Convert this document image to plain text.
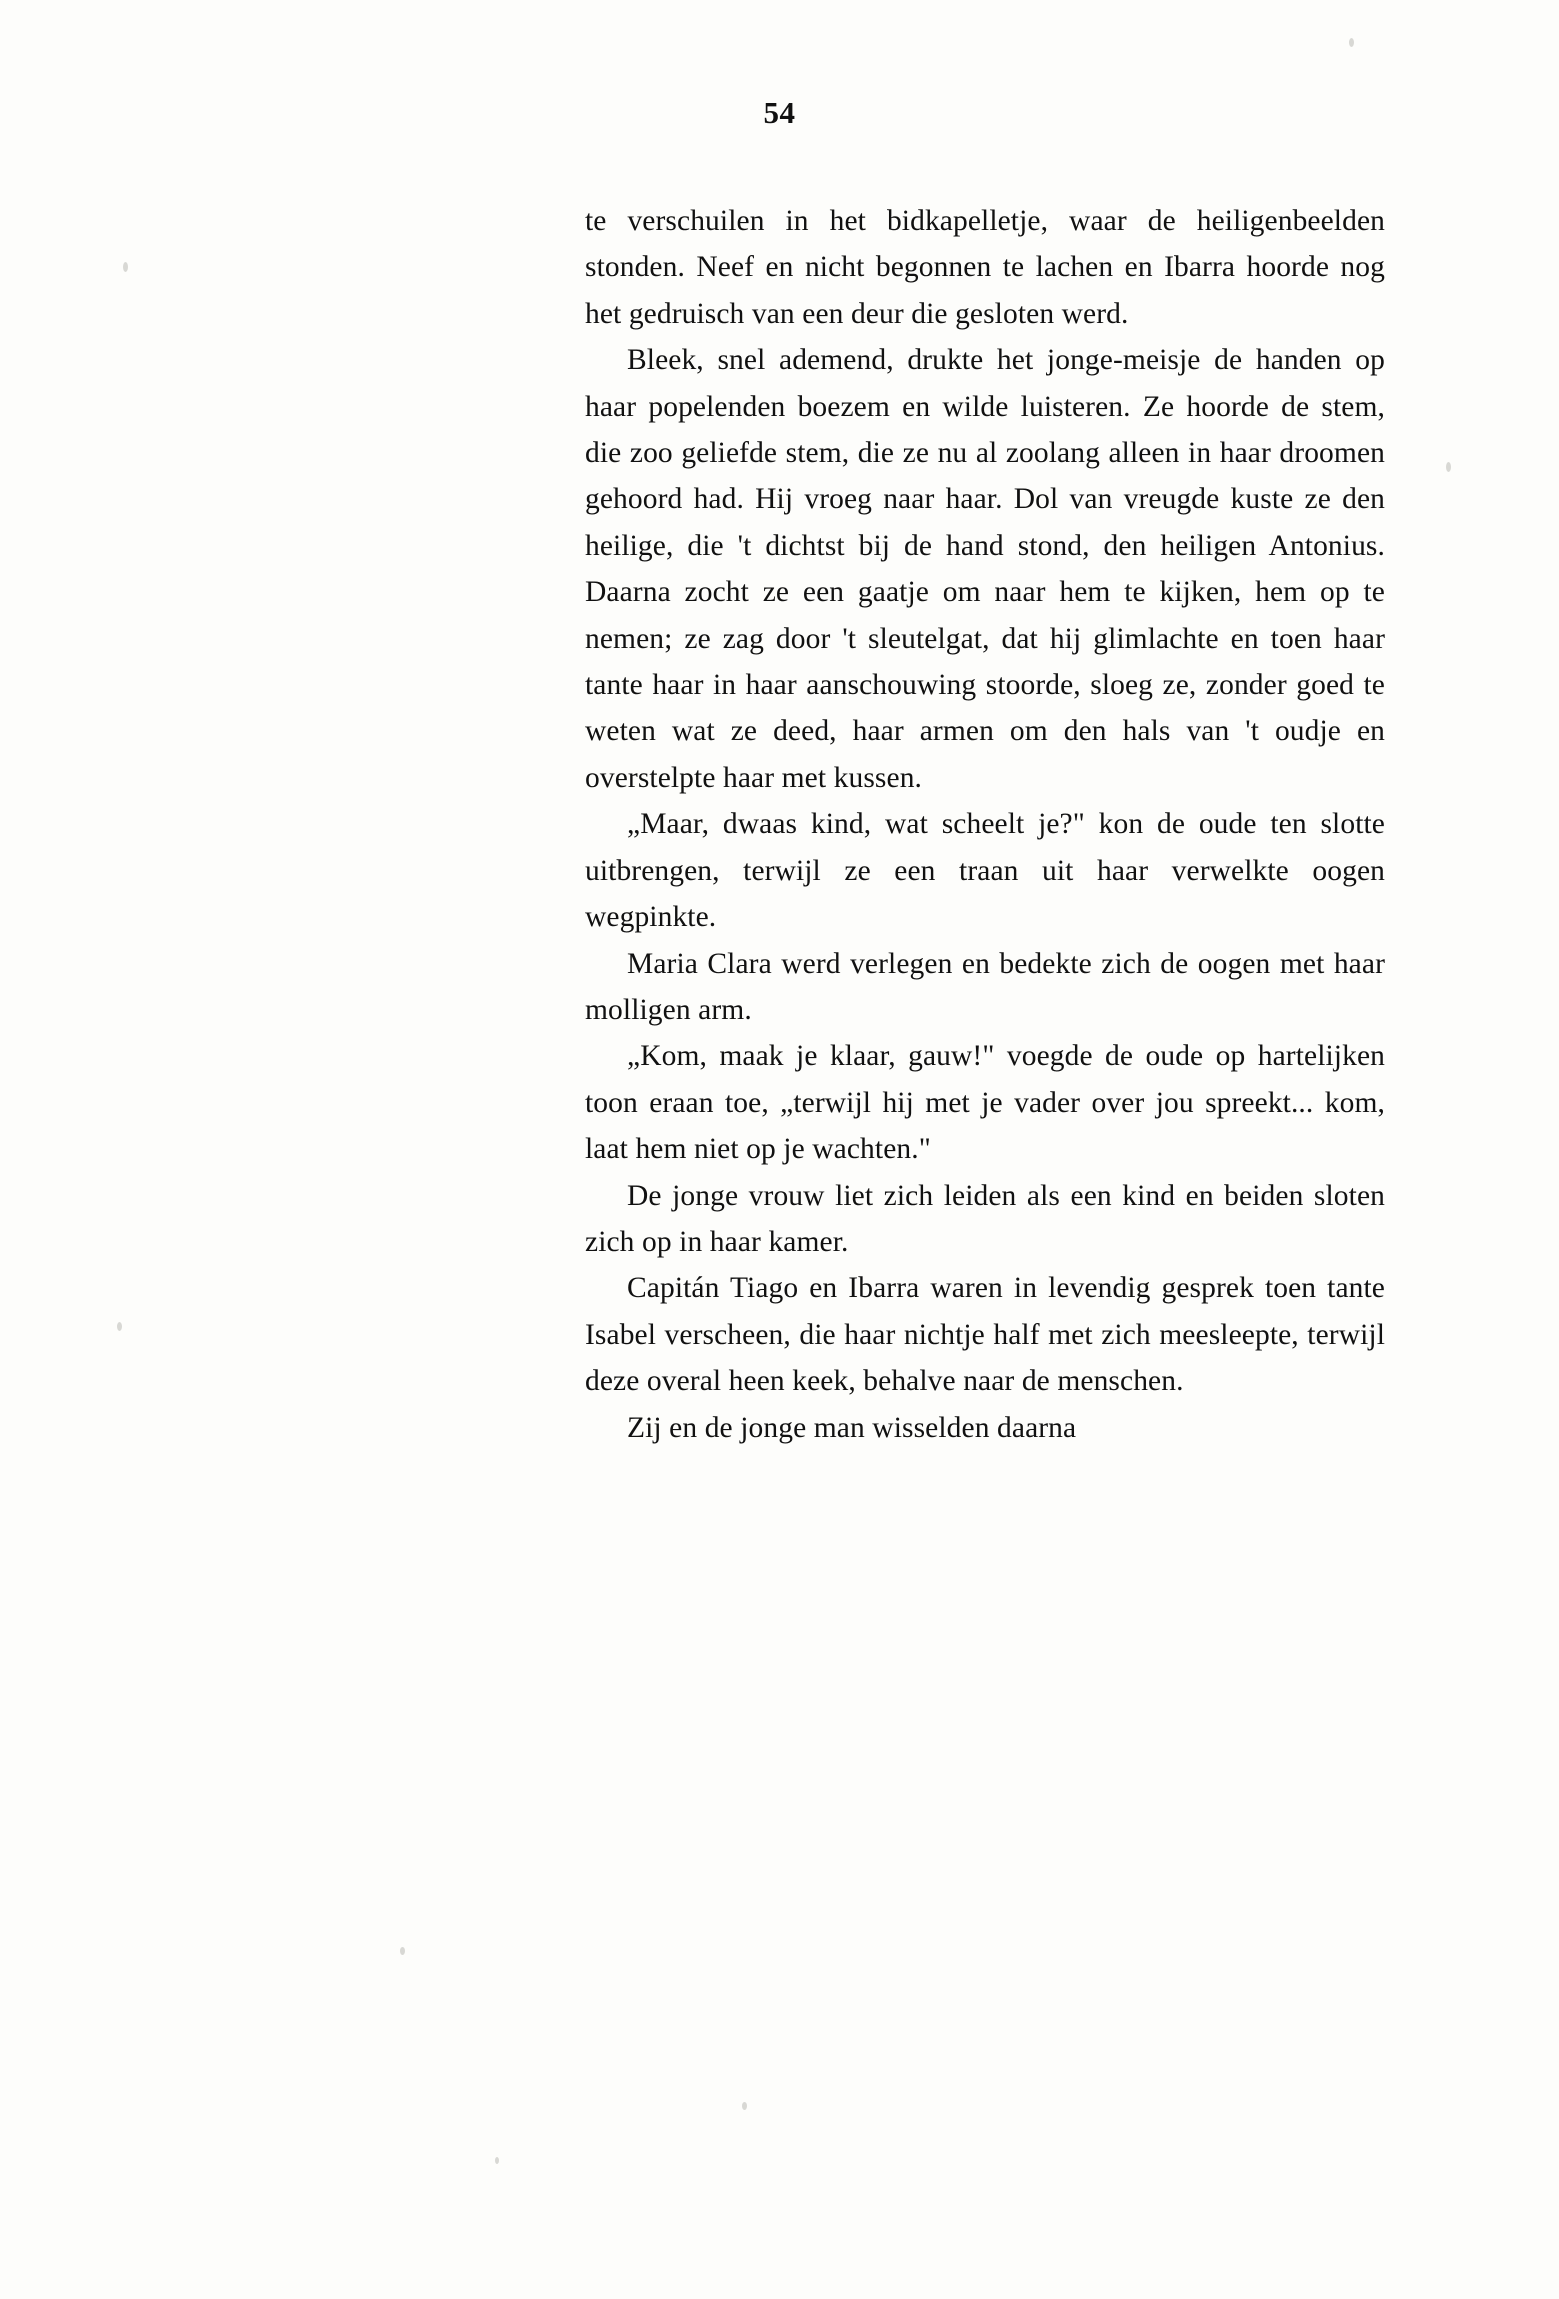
54

te verschuilen in het bidkapelletje, waar de heiligenbeelden stonden. Neef en nicht begonnen te lachen en Ibarra hoorde nog het gedruisch van een deur die gesloten werd.

Bleek, snel ademend, drukte het jonge-meisje de handen op haar popelenden boezem en wilde luisteren. Ze hoorde de stem, die zoo geliefde stem, die ze nu al zoolang alleen in haar droomen gehoord had. Hij vroeg naar haar. Dol van vreugde kuste ze den heilige, die 't dichtst bij de hand stond, den heiligen Antonius. Daarna zocht ze een gaatje om naar hem te kijken, hem op te nemen; ze zag door 't sleutelgat, dat hij glimlachte en toen haar tante haar in haar aanschouwing stoorde, sloeg ze, zonder goed te weten wat ze deed, haar armen om den hals van 't oudje en overstelpte haar met kussen.

„Maar, dwaas kind, wat scheelt je?" kon de oude ten slotte uitbrengen, terwijl ze een traan uit haar verwelkte oogen wegpinkte.

Maria Clara werd verlegen en bedekte zich de oogen met haar molligen arm.

„Kom, maak je klaar, gauw!" voegde de oude op hartelijken toon eraan toe, „terwijl hij met je vader over jou spreekt... kom, laat hem niet op je wachten."

De jonge vrouw liet zich leiden als een kind en beiden sloten zich op in haar kamer.

Capitán Tiago en Ibarra waren in levendig gesprek toen tante Isabel verscheen, die haar nichtje half met zich meesleepte, terwijl deze overal heen keek, behalve naar de menschen.

Zij en de jonge man wisselden daarna
